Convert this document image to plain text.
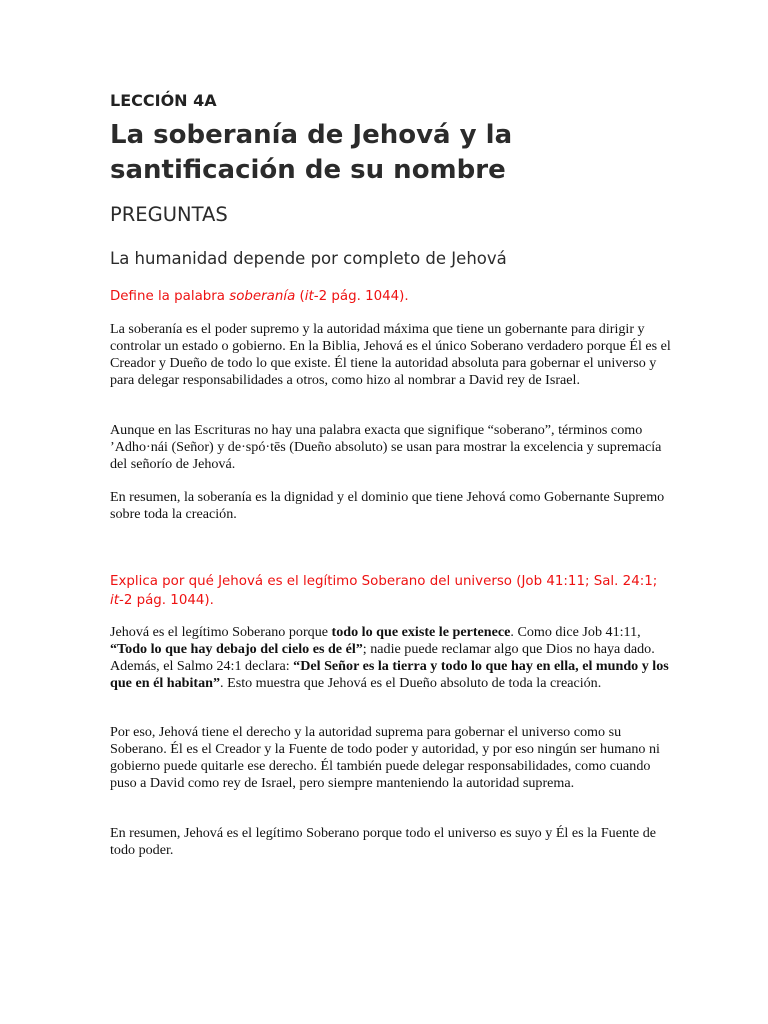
LECCIÓN 4A
La soberanía de Jehová y la santificación de su nombre
PREGUNTAS
La humanidad depende por completo de Jehová

Define la palabra soberanía (it-2 pág. 1044).

La soberanía es el poder supremo y la autoridad máxima que tiene un gobernante para dirigir y controlar un estado o gobierno. En la Biblia, Jehová es el único Soberano verdadero porque Él es el Creador y Dueño de todo lo que existe. Él tiene la autoridad absoluta para gobernar el universo y para delegar responsabilidades a otros, como hizo al nombrar a David rey de Israel.

Aunque en las Escrituras no hay una palabra exacta que signifique “soberano”, términos como ’Adho·nái (Señor) y de·spó·tēs (Dueño absoluto) se usan para mostrar la excelencia y supremacía del señorío de Jehová.

En resumen, la soberanía es la dignidad y el dominio que tiene Jehová como Gobernante Supremo sobre toda la creación.

Explica por qué Jehová es el legítimo Soberano del universo (Job 41:11; Sal. 24:1; it-2 pág. 1044).

Jehová es el legítimo Soberano porque todo lo que existe le pertenece. Como dice Job 41:11, “Todo lo que hay debajo del cielo es de él”; nadie puede reclamar algo que Dios no haya dado. Además, el Salmo 24:1 declara: “Del Señor es la tierra y todo lo que hay en ella, el mundo y los que en él habitan”. Esto muestra que Jehová es el Dueño absoluto de toda la creación.

Por eso, Jehová tiene el derecho y la autoridad suprema para gobernar el universo como su Soberano. Él es el Creador y la Fuente de todo poder y autoridad, y por eso ningún ser humano ni gobierno puede quitarle ese derecho. Él también puede delegar responsabilidades, como cuando puso a David como rey de Israel, pero siempre manteniendo la autoridad suprema.

En resumen, Jehová es el legítimo Soberano porque todo el universo es suyo y Él es la Fuente de todo poder.
